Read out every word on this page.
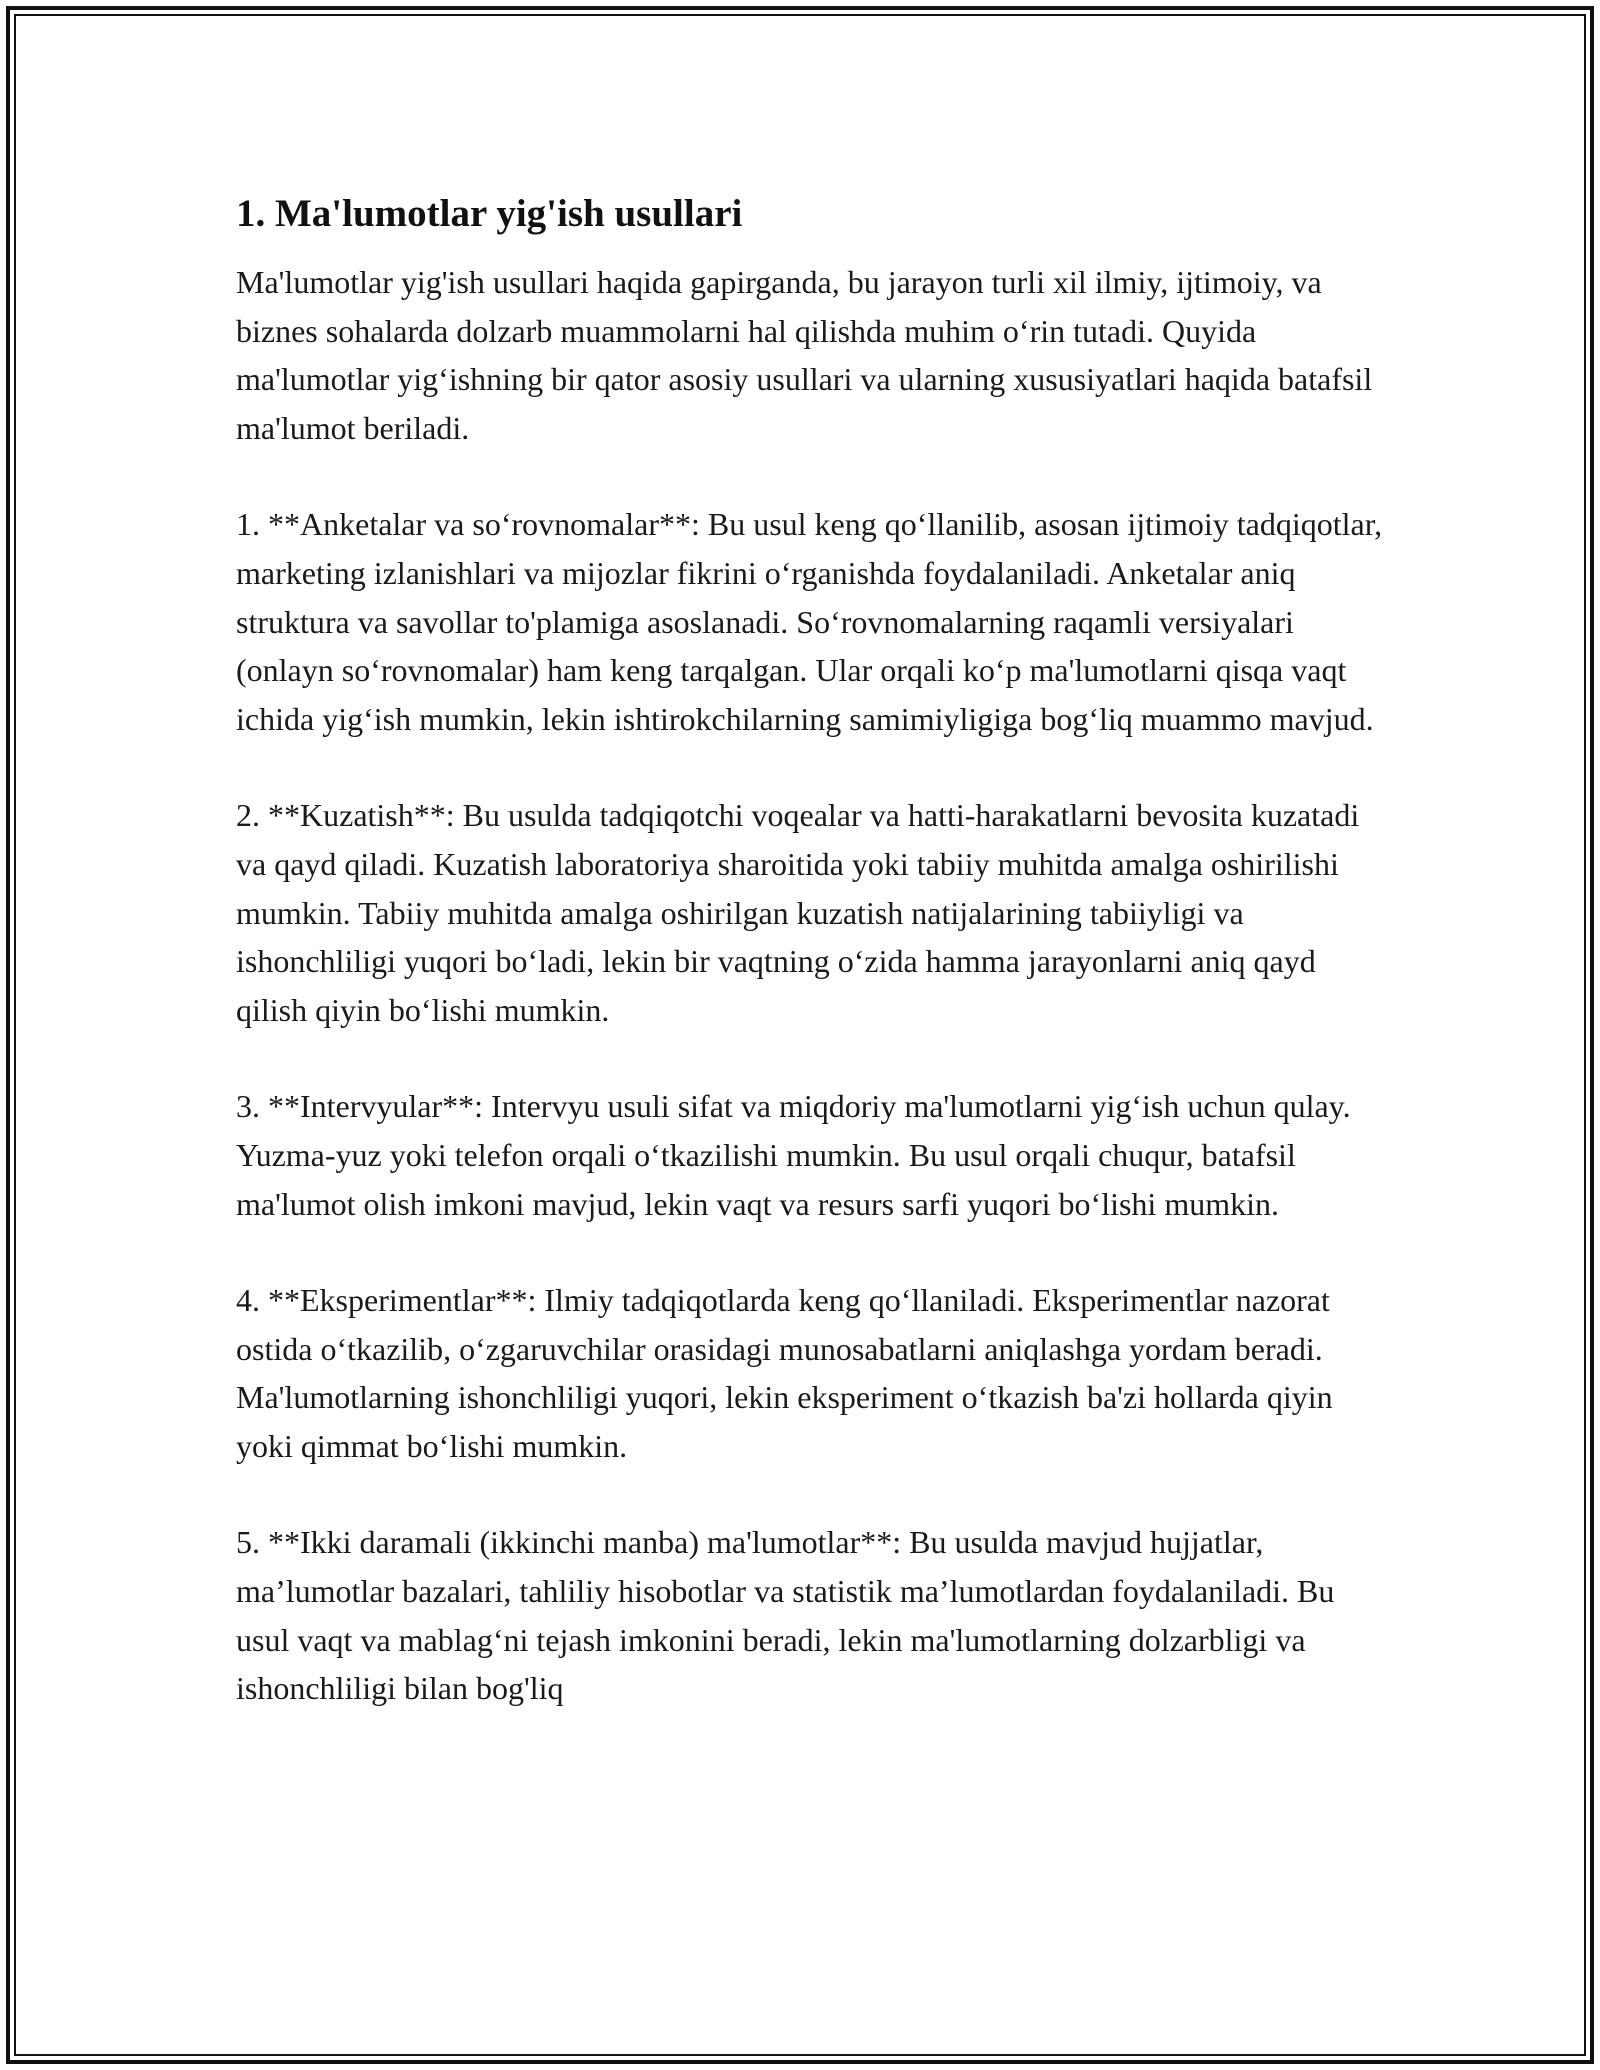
1. Ma'lumotlar yig'ish usullari

Ma'lumotlar yig'ish usullari haqida gapirganda, bu jarayon turli xil ilmiy, ijtimoiy, va biznes sohalarda dolzarb muammolarni hal qilishda muhim o‘rin tutadi. Quyida ma'lumotlar yig‘ishning bir qator asosiy usullari va ularning xususiyatlari haqida batafsil ma'lumot beriladi.

1. **Anketalar va so‘rovnomalar**: Bu usul keng qo‘llanilib, asosan ijtimoiy tadqiqotlar, marketing izlanishlari va mijozlar fikrini o‘rganishda foydalaniladi. Anketalar aniq struktura va savollar to'plamiga asoslanadi. So‘rovnomalarning raqamli versiyalari (onlayn so‘rovnomalar) ham keng tarqalgan. Ular orqali ko‘p ma'lumotlarni qisqa vaqt ichida yig‘ish mumkin, lekin ishtirokchilarning samimiyligiga bog‘liq muammo mavjud.

2. **Kuzatish**: Bu usulda tadqiqotchi voqealar va hatti-harakatlarni bevosita kuzatadi va qayd qiladi. Kuzatish laboratoriya sharoitida yoki tabiiy muhitda amalga oshirilishi mumkin. Tabiiy muhitda amalga oshirilgan kuzatish natijalarining tabiiyligi va ishonchliligi yuqori bo‘ladi, lekin bir vaqtning o‘zida hamma jarayonlarni aniq qayd qilish qiyin bo‘lishi mumkin.

3. **Intervyular**: Intervyu usuli sifat va miqdoriy ma'lumotlarni yig‘ish uchun qulay. Yuzma-yuz yoki telefon orqali o‘tkazilishi mumkin. Bu usul orqali chuqur, batafsil ma'lumot olish imkoni mavjud, lekin vaqt va resurs sarfi yuqori bo‘lishi mumkin.

4. **Eksperimentlar**: Ilmiy tadqiqotlarda keng qo‘llaniladi. Eksperimentlar nazorat ostida o‘tkazilib, o‘zgaruvchilar orasidagi munosabatlarni aniqlashga yordam beradi. Ma'lumotlarning ishonchliligi yuqori, lekin eksperiment o‘tkazish ba'zi hollarda qiyin yoki qimmat bo‘lishi mumkin.

5. **Ikki daramali (ikkinchi manba) ma'lumotlar**: Bu usulda mavjud hujjatlar, ma’lumotlar bazalari, tahliliy hisobotlar va statistik ma’lumotlardan foydalaniladi. Bu usul vaqt va mablag‘ni tejash imkonini beradi, lekin ma'lumotlarning dolzarbligi va ishonchliligi bilan bog'liq
